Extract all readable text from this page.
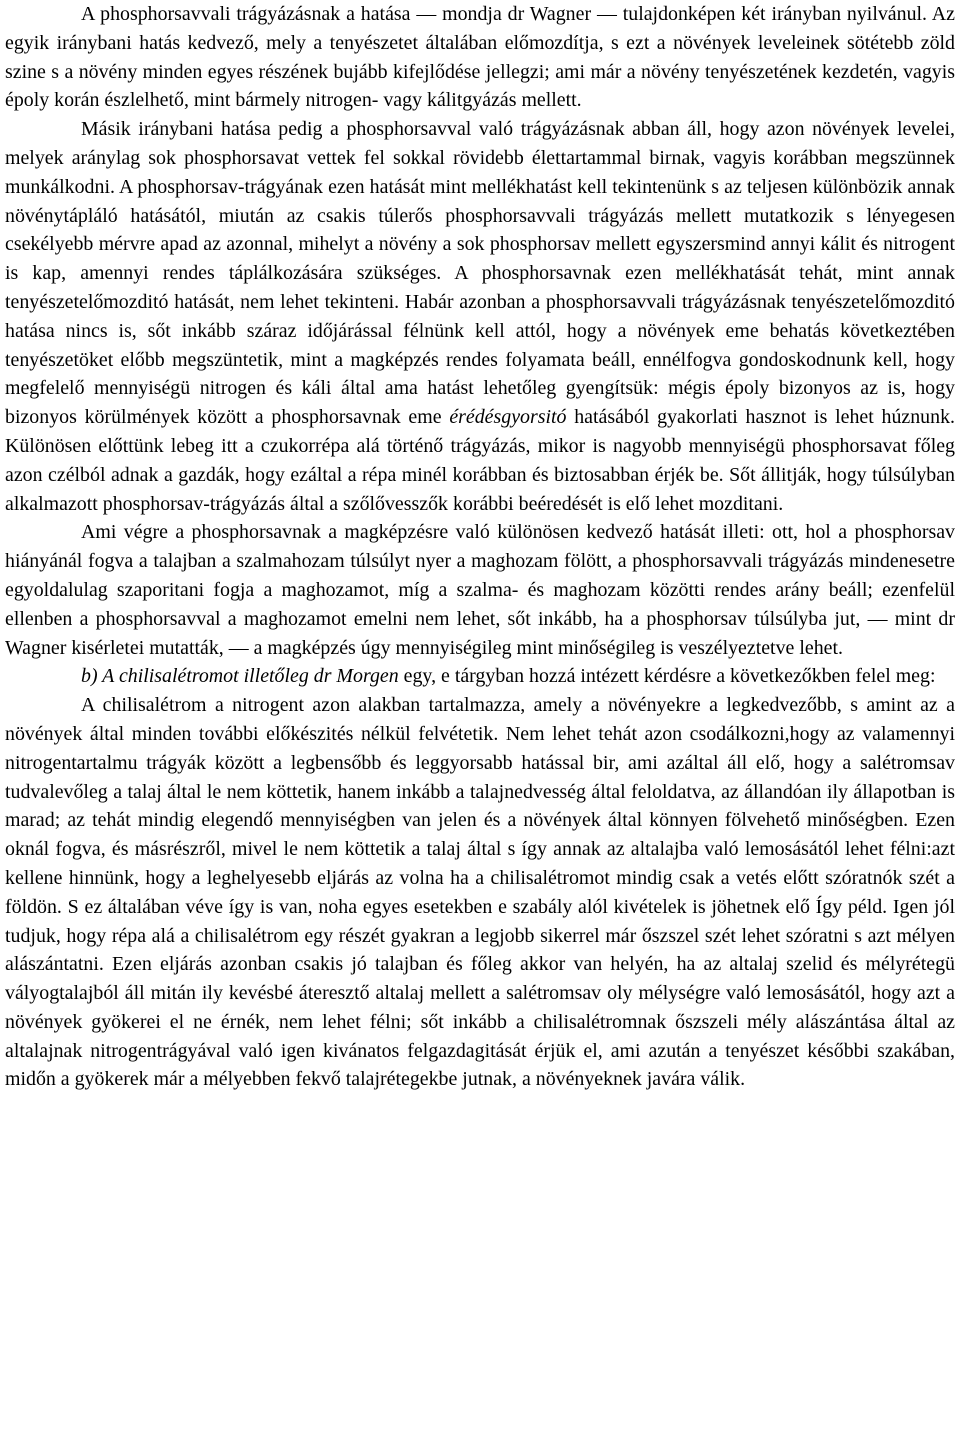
A phosphorsavvali trágyázásnak a hatása — mondja dr Wagner — tulajdonképen két irányban nyilvánul. Az egyik iránybani hatás kedvező, mely a tenyészetet általában előmozdítja, s ezt a növények leveleinek sötétebb zöld szine s a növény minden egyes részének bujább kifejlődése jellegzi; ami már a növény tenyészetének kezdetén, vagyis époly korán észlelhető, mint bármely nitrogen- vagy kálitgyázás mellett.

Másik iránybani hatása pedig a phosphorsavval való trágyázásnak abban áll, hogy azon növények levelei, melyek aránylag sok phosphorsavat vettek fel sokkal rövidebb élettartammal birnak, vagyis korábban megszünnek munkálkodni. A phosphorsav-trágyának ezen hatását mint mellékhatást kell tekintenünk s az teljesen különbözik annak növénytápláló hatásától, miután az csakis túlerős phosphorsavvali trágyázás mellett mutatkozik s lényegesen csekélyebb mérvre apad az azonnal, mihelyt a növény a sok phosphorsav mellett egyszersmind annyi kálit és nitrogent is kap, amennyi rendes táplálkozására szükséges. A phosphorsavnak ezen mellékhatását tehát, mint annak tenyészetelőmozditó hatását, nem lehet tekinteni. Habár azonban a phosphorsavvali trágyázásnak tenyészetelőmozditó hatása nincs is, sőt inkább száraz időjárással félnünk kell attól, hogy a növények eme behatás következtében tenyészetöket előbb megszüntetik, mint a magképzés rendes folyamata beáll, ennélfogva gondoskodnunk kell, hogy megfelelő mennyiségü nitrogen és káli által ama hatást lehetőleg gyengítsük: mégis époly bizonyos az is, hogy bizonyos körülmények között a phosphorsavnak eme érédésgyorsitó hatásából gyakorlati hasznot is lehet húznunk. Különösen előttünk lebeg itt a czukorrépa alá történő trágyázás, mikor is nagyobb mennyiségü phosphorsavat főleg azon czélból adnak a gazdák, hogy ezáltal a répa minél korábban és biztosabban érjék be. Sőt állitják, hogy túlsúlyban alkalmazott phosphorsav-trágyázás által a szőlővesszők korábbi beéredését is elő lehet mozditani.

Ami végre a phosphorsavnak a magképzésre való különösen kedvező hatását illeti: ott, hol a phosphorsav hiányánál fogva a talajban a szalmahozam túlsúlyt nyer a maghozam fölött, a phosphorsavvali trágyázás mindenesetre egyoldalulag szaporitani fogja a maghozamot, míg a szalma- és maghozam közötti rendes arány beáll; ezenfelül ellenben a phosphorsavval a maghozamot emelni nem lehet, sőt inkább, ha a phosphorsav túlsúlyba jut, — mint dr Wagner kisérletei mutatták, — a magképzés úgy mennyiségileg mint minőségileg is veszélyeztetve lehet.

b) A chilisalétromot illetőleg dr Morgen egy, e tárgyban hozzá intézett kérdésre a következőkben felel meg:

A chilisalétrom a nitrogent azon alakban tartalmazza, amely a növényekre a legkedvezőbb, s amint az a növények által minden további előkészités nélkül felvétetik. Nem lehet tehát azon csodálkozni,hogy az valamennyi nitrogentartalmu trágyák között a legbensőbb és leggyorsabb hatással bir, ami azáltal áll elő, hogy a salétromsav tudvalevőleg a talaj által le nem köttetik, hanem inkább a talajnedvesség által feloldatva, az állandóan ily állapotban is marad; az tehát mindig elegendő mennyiségben van jelen és a növények által könnyen fölvehető minőségben. Ezen oknál fogva, és másrészről, mivel le nem köttetik a talaj által s így annak az altalajba való lemosásától lehet félni:azt kellene hinnünk, hogy a leghelyesebb eljárás az volna ha a chilisalétromot mindig csak a vetés előtt szóratnók szét a földön. S ez általában véve így is van, noha egyes esetekben e szabály alól kivételek is jöhetnek elő Így péld. Igen jól tudjuk, hogy répa alá a chilisalétrom egy részét gyakran a legjobb sikerrel már őszszel szét lehet szóratni s azt mélyen alászántatni. Ezen eljárás azonban csakis jó talajban és főleg akkor van helyén, ha az altalaj szelid és mélyrétegü vályogtalajból áll mitán ily kevésbé áteresztő altalaj mellett a salétromsav oly mélységre való lemosásától, hogy azt a növények gyökerei el ne érnék, nem lehet félni; sőt inkább a chilisalétromnak őszszeli mély alászántása által az altalajnak nitrogentrágyával való igen kivánatos felgazdagitását érjük el, ami azután a tenyészet későbbi szakában, midőn a gyökerek már a mélyebben fekvő talajrétegekbe jutnak, a növényeknek javára válik.
